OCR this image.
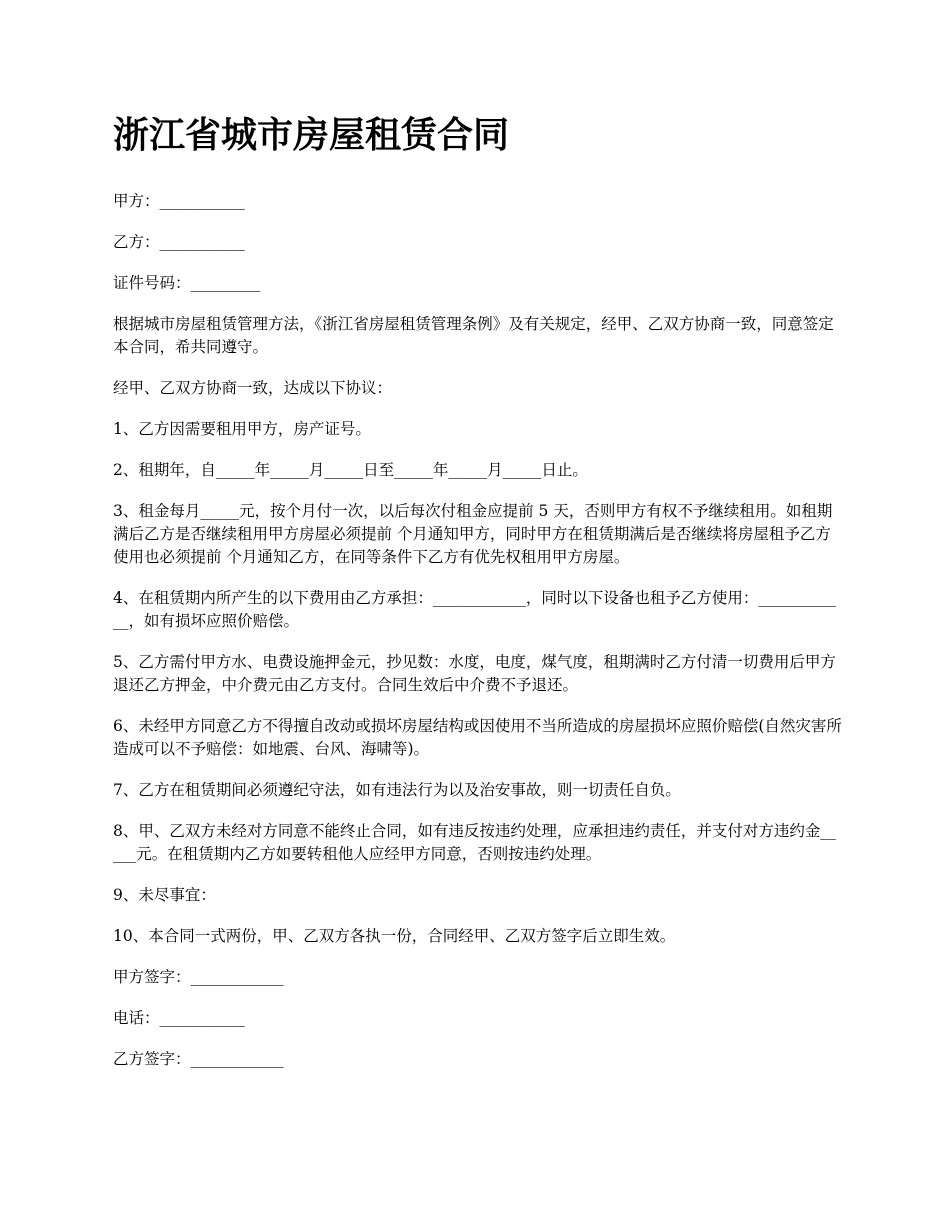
浙江省城市房屋租赁合同

甲方：___________

乙方：___________

证件号码：_________

根据城市房屋租赁管理方法，《浙江省房屋租赁管理条例》及有关规定，经甲、乙双方协商一致，同意签定本合同，希共同遵守。

经甲、乙双方协商一致，达成以下协议：

1、乙方因需要租用甲方，房产证号。

2、租期年，自_____年_____月_____日至_____年_____月_____日止。

3、租金每月_____元，按个月付一次，以后每次付租金应提前 5 天，否则甲方有权不予继续租用。如租期满后乙方是否继续租用甲方房屋必须提前 个月通知甲方，同时甲方在租赁期满后是否继续将房屋租予乙方使用也必须提前 个月通知乙方，在同等条件下乙方有优先权租用甲方房屋。

4、在租赁期内所产生的以下费用由乙方承担：____________，同时以下设备也租予乙方使用：____________，如有损坏应照价赔偿。

5、乙方需付甲方水、电费设施押金元，抄见数：水度，电度，煤气度，租期满时乙方付清一切费用后甲方退还乙方押金，中介费元由乙方支付。合同生效后中介费不予退还。

6、未经甲方同意乙方不得擅自改动或损坏房屋结构或因使用不当所造成的房屋损坏应照价赔偿(自然灾害所造成可以不予赔偿：如地震、台风、海啸等)。

7、乙方在租赁期间必须遵纪守法，如有违法行为以及治安事故，则一切责任自负。

8、甲、乙双方未经对方同意不能终止合同，如有违反按违约处理，应承担违约责任，并支付对方违约金_____元。在租赁期内乙方如要转租他人应经甲方同意，否则按违约处理。

9、未尽事宜：

10、本合同一式两份，甲、乙双方各执一份，合同经甲、乙双方签字后立即生效。

甲方签字：____________

电话：___________

乙方签字：____________
